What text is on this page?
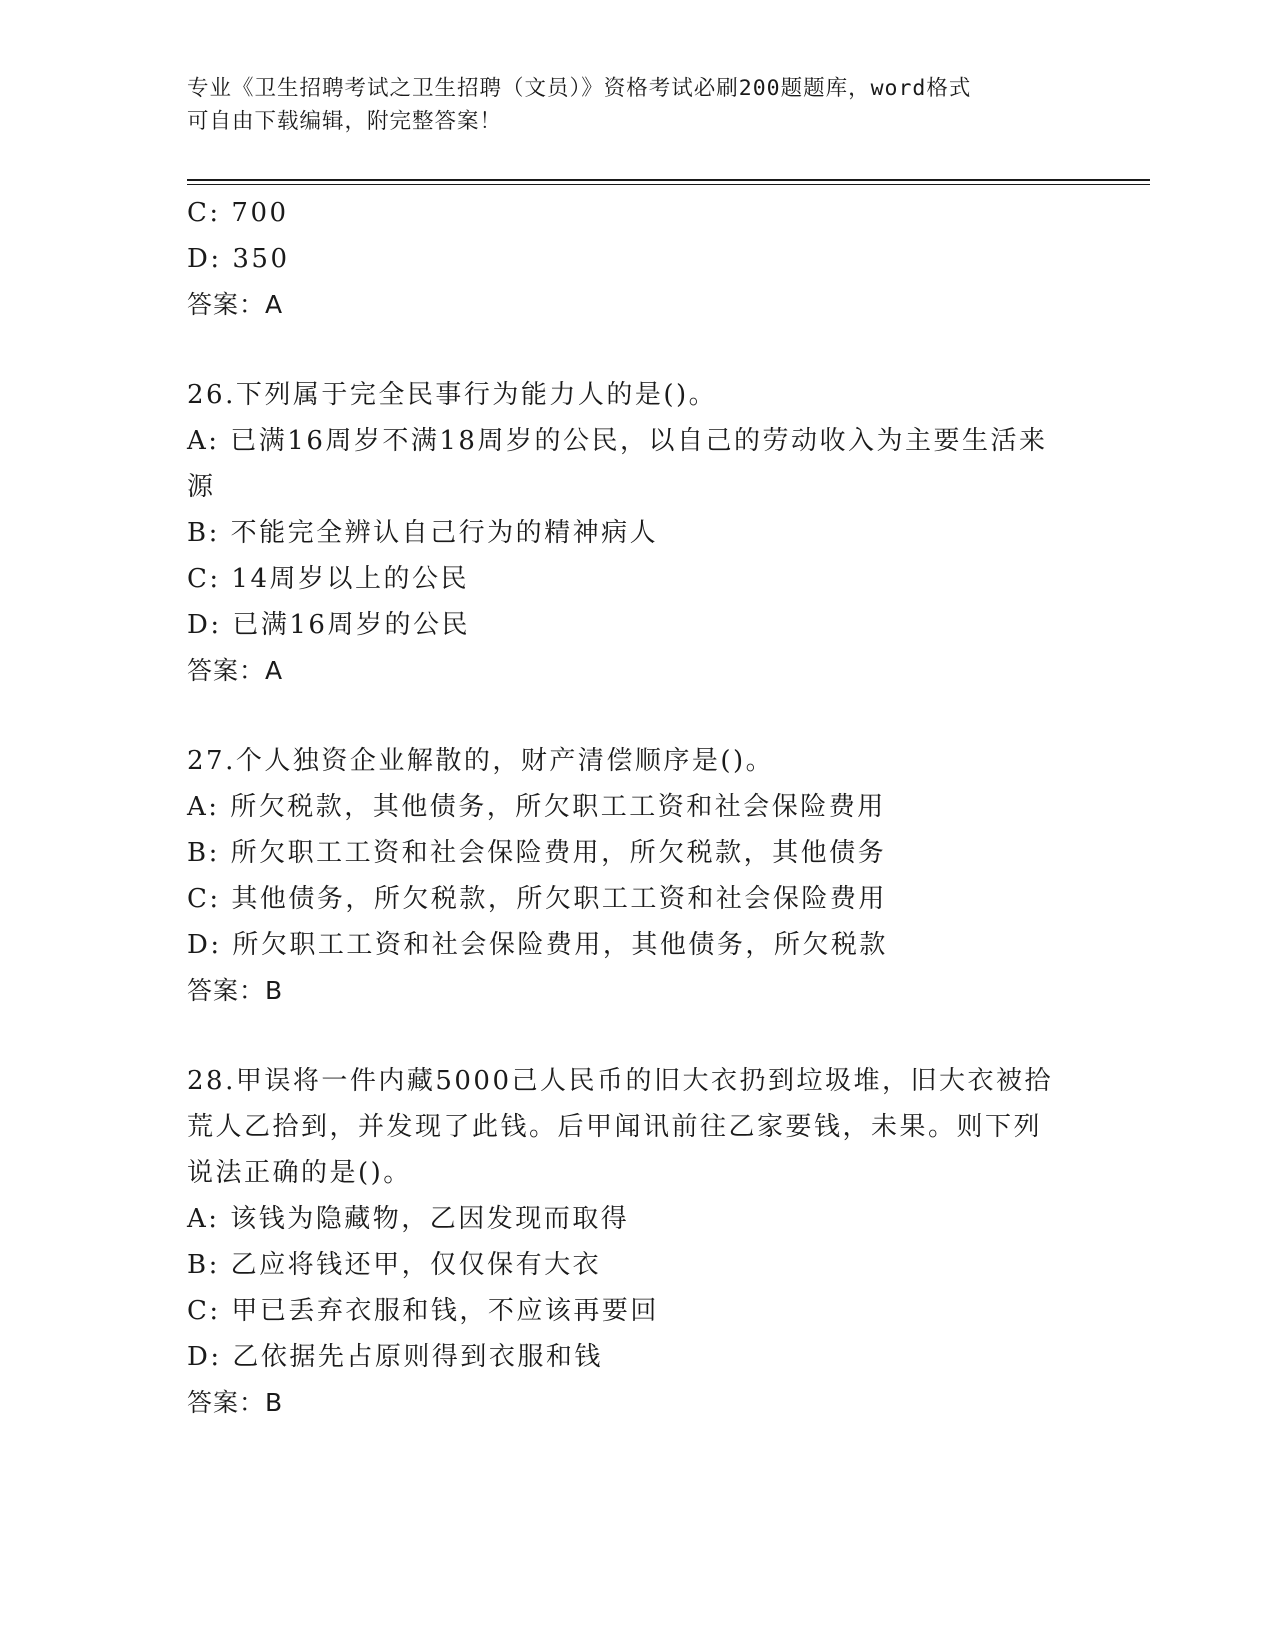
专业《卫生招聘考试之卫生招聘（文员）》资格考试必刷200题题库，word格式
可自由下载编辑，附完整答案！
C: 700
D: 350
答案：A
26.下列属于完全民事行为能力人的是()。
A: 已满16周岁不满18周岁的公民，以自己的劳动收入为主要生活来源
B: 不能完全辨认自己行为的精神病人
C: 14周岁以上的公民
D: 已满16周岁的公民
答案：A
27.个人独资企业解散的，财产清偿顺序是()。
A: 所欠税款，其他债务，所欠职工工资和社会保险费用
B: 所欠职工工资和社会保险费用，所欠税款，其他债务
C: 其他债务，所欠税款，所欠职工工资和社会保险费用
D: 所欠职工工资和社会保险费用，其他债务，所欠税款
答案：B
28.甲误将一件内藏5000己人民币的旧大衣扔到垃圾堆，旧大衣被拾荒人乙拾到，并发现了此钱。后甲闻讯前往乙家要钱，未果。则下列说法正确的是()。
A: 该钱为隐藏物，乙因发现而取得
B: 乙应将钱还甲，仅仅保有大衣
C: 甲已丢弃衣服和钱，不应该再要回
D: 乙依据先占原则得到衣服和钱
答案：B
